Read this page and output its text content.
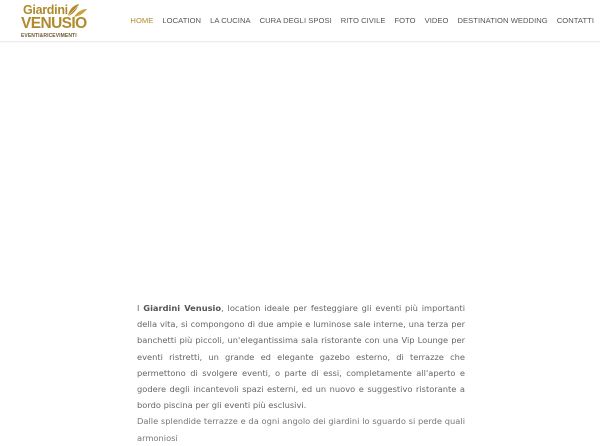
Giardini
VENUSIO
EVENTI&RICEVIMENTI
HOME	LOCATION	LA CUCINA	CURA DEGLI SPOSI	RITO CIVILE	FOTO	VIDEO	DESTINATION WEDDING	CONTATTI

I Giardini Venusio, location ideale per festeggiare gli eventi più importanti della vita, si compongono di due ampie e luminose sale interne, una terza per banchetti più piccoli, un'elegantissima sala ristorante con una Vip Lounge per eventi ristretti, un grande ed elegante gazebo esterno, di terrazze che permettono di svolgere eventi, o parte di essi, completamente all'aperto e godere degli incantevoli spazi esterni, ed un nuovo e suggestivo ristorante a bordo piscina per gli eventi più esclusivi.

Dalle splendide terrazze e da ogni angolo dei giardini lo sguardo si perde quali armoniosi
